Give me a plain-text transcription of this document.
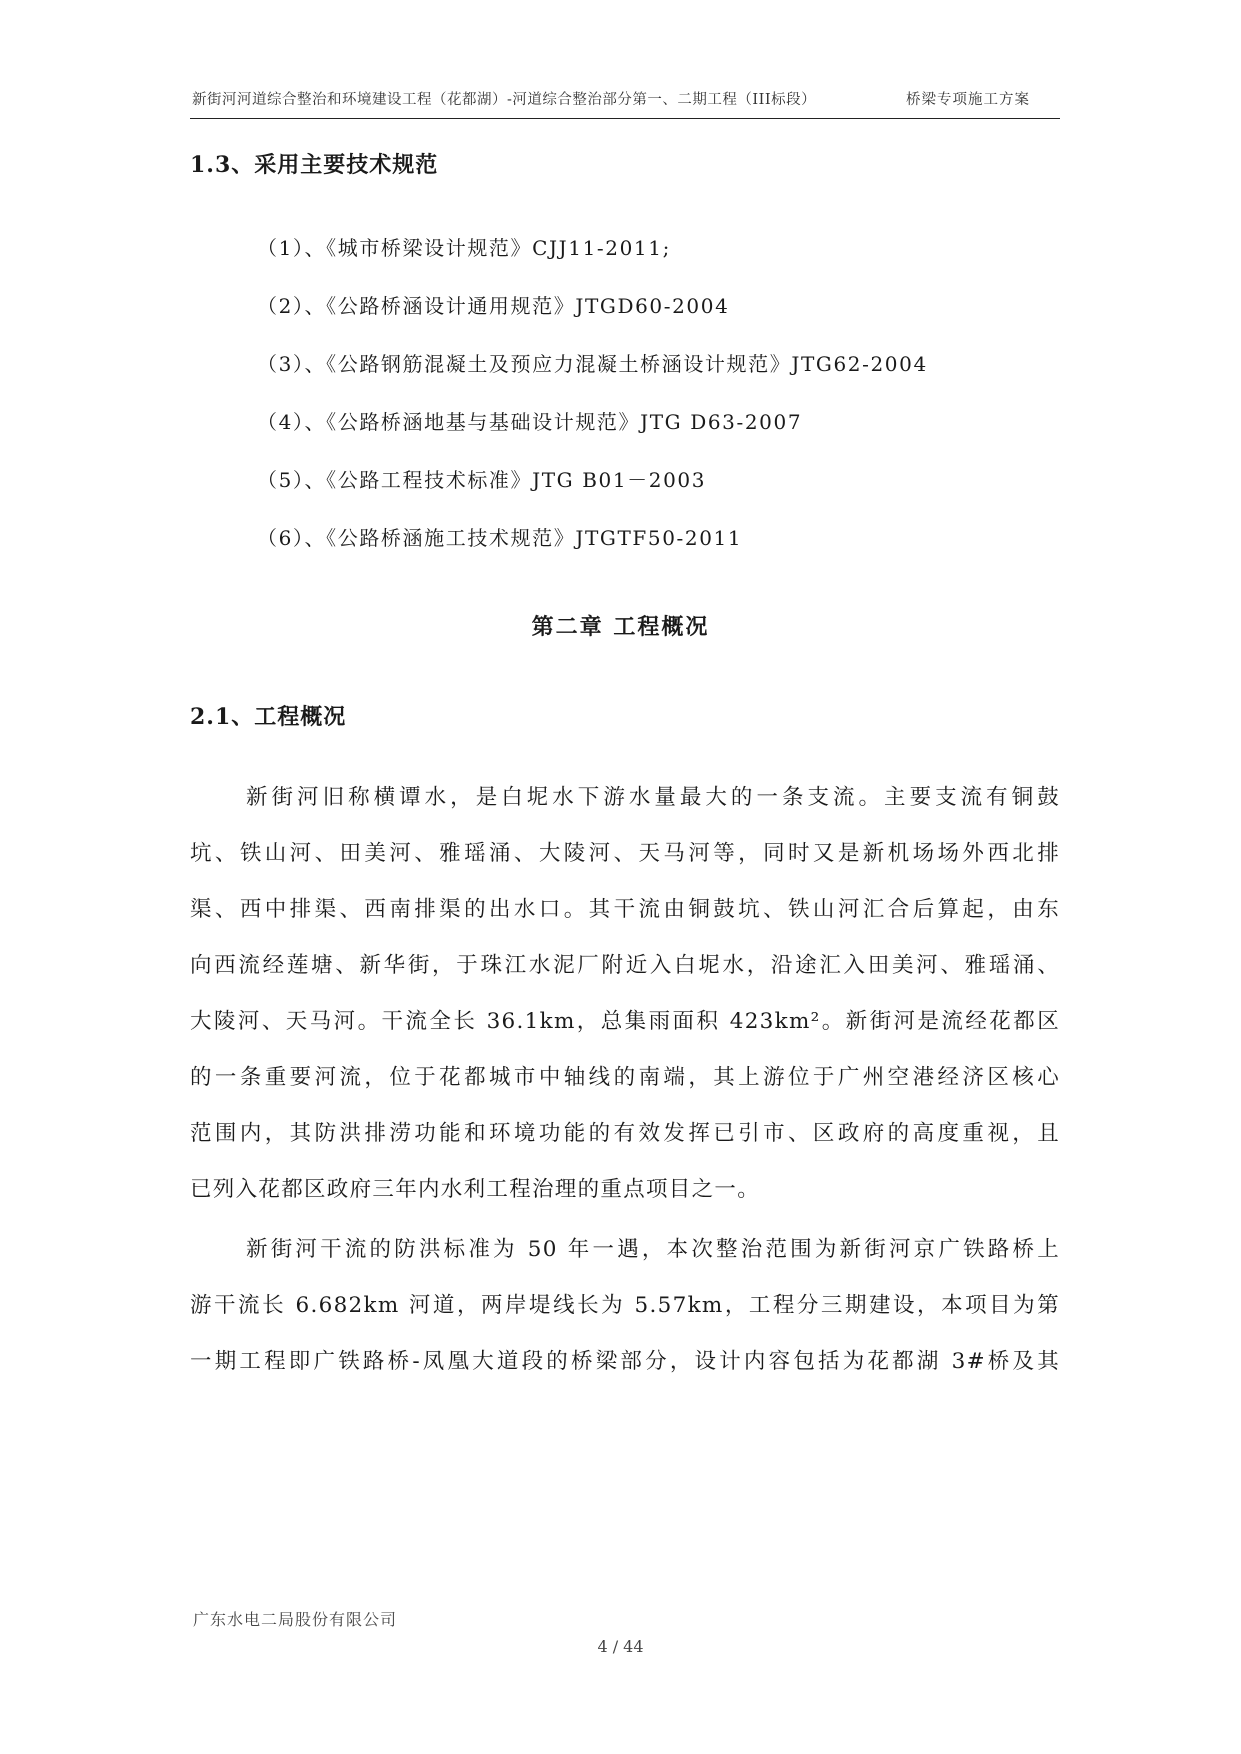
新街河河道综合整治和环境建设工程（花都湖）-河道综合整治部分第一、二期工程（III标段）	桥梁专项施工方案
1.3、采用主要技术规范
（1）、《城市桥梁设计规范》CJJ11-2011;
（2）、《公路桥涵设计通用规范》JTGD60-2004
（3）、《公路钢筋混凝土及预应力混凝土桥涵设计规范》JTG62-2004
（4）、《公路桥涵地基与基础设计规范》JTG D63-2007
（5）、《公路工程技术标准》JTG B01－2003
（6）、《公路桥涵施工技术规范》JTGTF50-2011
第二章 工程概况
2.1、工程概况
新街河旧称横谭水，是白坭水下游水量最大的一条支流。主要支流有铜鼓
坑、铁山河、田美河、雅瑶涌、大陵河、天马河等，同时又是新机场场外西北排
渠、西中排渠、西南排渠的出水口。其干流由铜鼓坑、铁山河汇合后算起，由东
向西流经莲塘、新华街，于珠江水泥厂附近入白坭水，沿途汇入田美河、雅瑶涌、
大陵河、天马河。干流全长 36.1km，总集雨面积 423km²。新街河是流经花都区
的一条重要河流，位于花都城市中轴线的南端，其上游位于广州空港经济区核心
范围内，其防洪排涝功能和环境功能的有效发挥已引市、区政府的高度重视，且
已列入花都区政府三年内水利工程治理的重点项目之一。
新街河干流的防洪标准为 50 年一遇，本次整治范围为新街河京广铁路桥上
游干流长 6.682km 河道，两岸堤线长为 5.57km，工程分三期建设，本项目为第
一期工程即广铁路桥-凤凰大道段的桥梁部分，设计内容包括为花都湖 3#桥及其
广东水电二局股份有限公司
4 / 44
